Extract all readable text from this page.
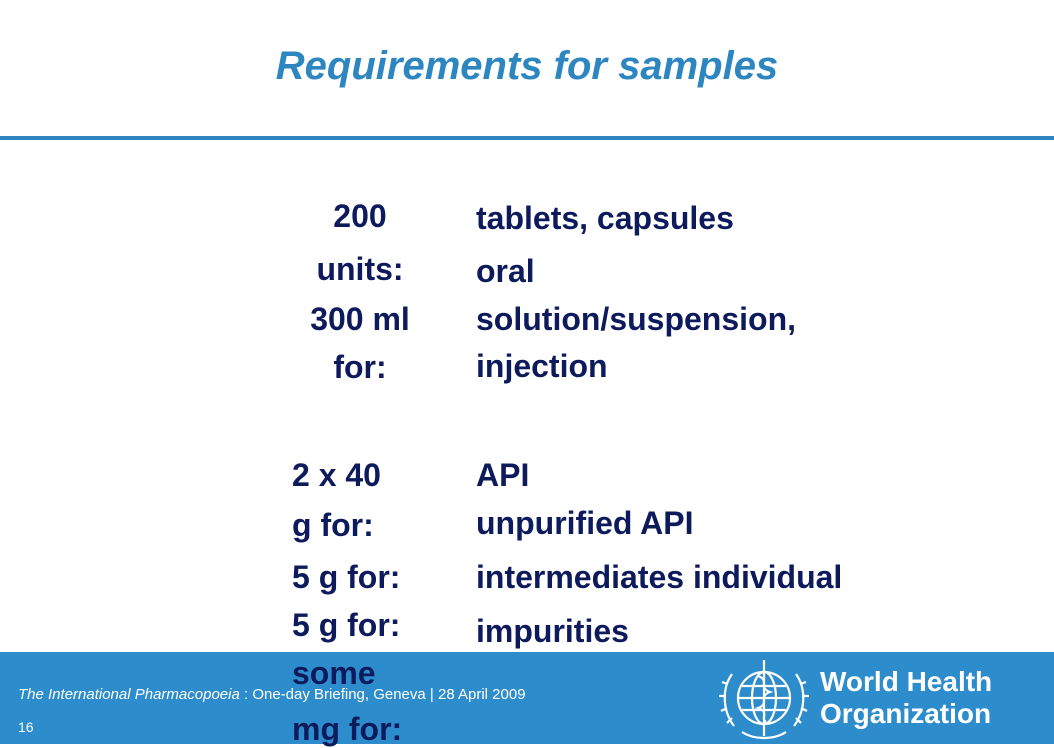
Requirements for samples
200
units:
300 ml
for:
2 x 40
g for:
5 g for:
5 g for:
tablets, capsules
oral
solution/suspension,
injection
API
unpurified API
intermediates individual
impurities
The International Pharmacopoeia : One-day Briefing, Geneva | 28 April 2009
16
some
mg for:
World Health
Organization
